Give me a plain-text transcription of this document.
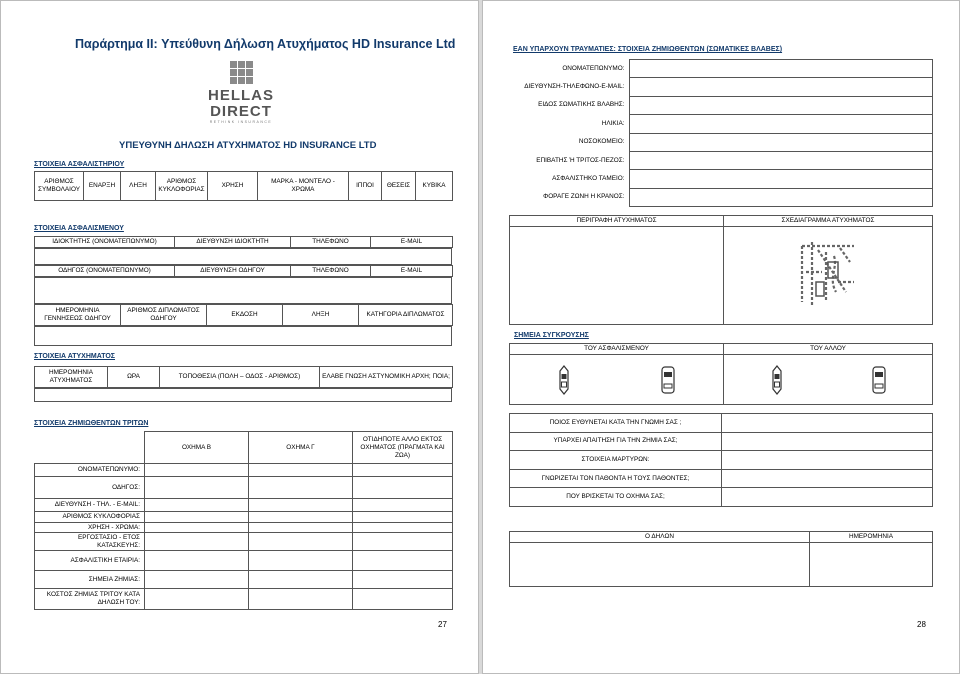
Παράρτημα II: Υπεύθυνη Δήλωση Ατυχήματος HD Insurance Ltd
HELLAS
DIRECT
RETHINK INSURANCE
ΥΠΕΥΘΥΝΗ ΔΗΛΩΣΗ ΑΤΥΧΗΜΑΤΟΣ HD INSURANCE LTD
ΣΤΟΙΧΕΙΑ ΑΣΦΑΛΙΣΤΗΡΙΟΥ
ΑΡΙΘΜΟΣ ΣΥΜΒΟΛΑΙΟΥ	ΕΝΑΡΞΗ	ΛΗΞΗ	ΑΡΙΘΜΟΣ ΚΥΚΛΟΦΟΡΙΑΣ	ΧΡΗΣΗ	ΜΑΡΚΑ - ΜΟΝΤΕΛΟ - ΧΡΩΜΑ	ΙΠΠΟΙ	ΘΕΣΕΙΣ	ΚΥΒΙΚΑ
ΣΤΟΙΧΕΙΑ ΑΣΦΑΛΙΣΜΕΝΟΥ
ΙΔΙΟΚΤΗΤΗΣ (ΟΝΟΜΑΤΕΠΩΝΥΜΟ)	ΔΙΕΥΘΥΝΣΗ ΙΔΙΟΚΤΗΤΗ	ΤΗΛΕΦΩΝΟ	E-MAIL
ΟΔΗΓΟΣ (ΟΝΟΜΑΤΕΠΩΝΥΜΟ)	ΔΙΕΥΘΥΝΣΗ ΟΔΗΓΟΥ	ΤΗΛΕΦΩΝΟ	E-MAIL
ΗΜΕΡΟΜΗΝΙΑ ΓΕΝΝΗΣΕΩΣ ΟΔΗΓΟΥ	ΑΡΙΘΜΟΣ ΔΙΠΛΩΜΑΤΟΣ ΟΔΗΓΟΥ	ΕΚΔΟΣΗ	ΛΗΞΗ	ΚΑΤΗΓΟΡΙΑ ΔΙΠΛΩΜΑΤΟΣ
ΣΤΟΙΧΕΙΑ ΑΤΥΧΗΜΑΤΟΣ
ΗΜΕΡΟΜΗΝΙΑ ΑΤΥΧΗΜΑΤΟΣ	ΩΡΑ	ΤΟΠΟΘΕΣΙΑ (ΠΟΛΗ – ΟΔΟΣ - ΑΡΙΘΜΟΣ)	ΕΛΑΒΕ ΓΝΩΣΗ ΑΣΤΥΝΟΜΙΚΗ ΑΡΧΗ; ΠΟΙΑ;
ΣΤΟΙΧΕΙΑ ΖΗΜΙΩΘΕΝΤΩΝ ΤΡΙΤΩΝ
	ΟΧΗΜΑ Β	ΟΧΗΜΑ Γ	ΟΤΙΔΗΠΟΤΕ ΑΛΛΟ ΕΚΤΟΣ ΟΧΗΜΑΤΟΣ (ΠΡΑΓΜΑΤΑ ΚΑΙ ΖΩΑ)
ΟΝΟΜΑΤΕΠΩΝΥΜΟ:			
ΟΔΗΓΟΣ:			
ΔΙΕΥΘΥΝΣΗ - ΤΗΛ. - E-MAIL:			
ΑΡΙΘΜΟΣ ΚΥΚΛΟΦΟΡΙΑΣ			
ΧΡΗΣΗ - ΧΡΩΜΑ:			
ΕΡΓΟΣΤΑΣΙΟ - ΕΤΟΣ ΚΑΤΑΣΚΕΥΗΣ:			
ΑΣΦΑΛΙΣΤΙΚΗ ΕΤΑΙΡΙΑ:			
ΣΗΜΕΙΑ ΖΗΜΙΑΣ:			
ΚΟΣΤΟΣ ΖΗΜΙΑΣ ΤΡΙΤΟΥ ΚΑΤΑ ΔΗΛΩΣΗ ΤΟΥ:			
27
ΕΑΝ ΥΠΑΡΧΟΥΝ ΤΡΑΥΜΑΤΙΕΣ: ΣΤΟΙΧΕΙΑ ΖΗΜΙΩΘΕΝΤΩΝ (ΣΩΜΑΤΙΚΕΣ ΒΛΑΒΕΣ)
ΟΝΟΜΑΤΕΠΩΝΥΜΟ:	
ΔΙΕΥΘΥΝΣΗ-ΤΗΛΕΦΩΝΟ-E-MAIL:	
ΕΙΔΟΣ ΣΩΜΑΤΙΚΗΣ ΒΛΑΒΗΣ:	
ΗΛΙΚΙΑ:	
ΝΟΣΟΚΟΜΕΙΟ:	
ΕΠΙΒΑΤΗΣ Ή ΤΡΙΤΟΣ-ΠΕΖΟΣ:	
ΑΣΦΑΛΙΣΤΗΚΟ ΤΑΜΕΙΟ:	
ΦΟΡΑΓΕ ΖΩΝΗ Η ΚΡΑΝΟΣ:	
ΠΕΡΙΓΡΑΦΗ ΑΤΥΧΗΜΑΤΟΣ	ΣΧΕΔΙΑΓΡΑΜΜΑ ΑΤΥΧΗΜΑΤΟΣ

ΣΗΜΕΙΑ ΣΥΓΚΡΟΥΣΗΣ
ΤΟΥ ΑΣΦΑΛΙΣΜΕΝΟΥ	ΤΟΥ ΑΛΛΟΥ

ΠΟΙΟΣ ΕΥΘΥΝΕΤΑΙ ΚΑΤΑ ΤΗΝ ΓΝΩΜΗ ΣΑΣ ;	
ΥΠΑΡΧΕΙ ΑΠΑΙΤΗΣΗ ΓΙΑ ΤΗΝ ΖΗΜΙΑ ΣΑΣ;	
ΣΤΟΙΧΕΙΑ ΜΑΡΤΥΡΩΝ:	
ΓΝΩΡΙΖΕΤΑΙ ΤΟΝ ΠΑΘΟΝΤΑ Η ΤΟΥΣ ΠΑΘΟΝΤΕΣ;	
ΠΟΥ ΒΡΙΣΚΕΤΑΙ ΤΟ ΟΧΗΜΑ ΣΑΣ;	
Ο ΔΗΛΩΝ	ΗΜΕΡΟΜΗΝΙΑ

28
